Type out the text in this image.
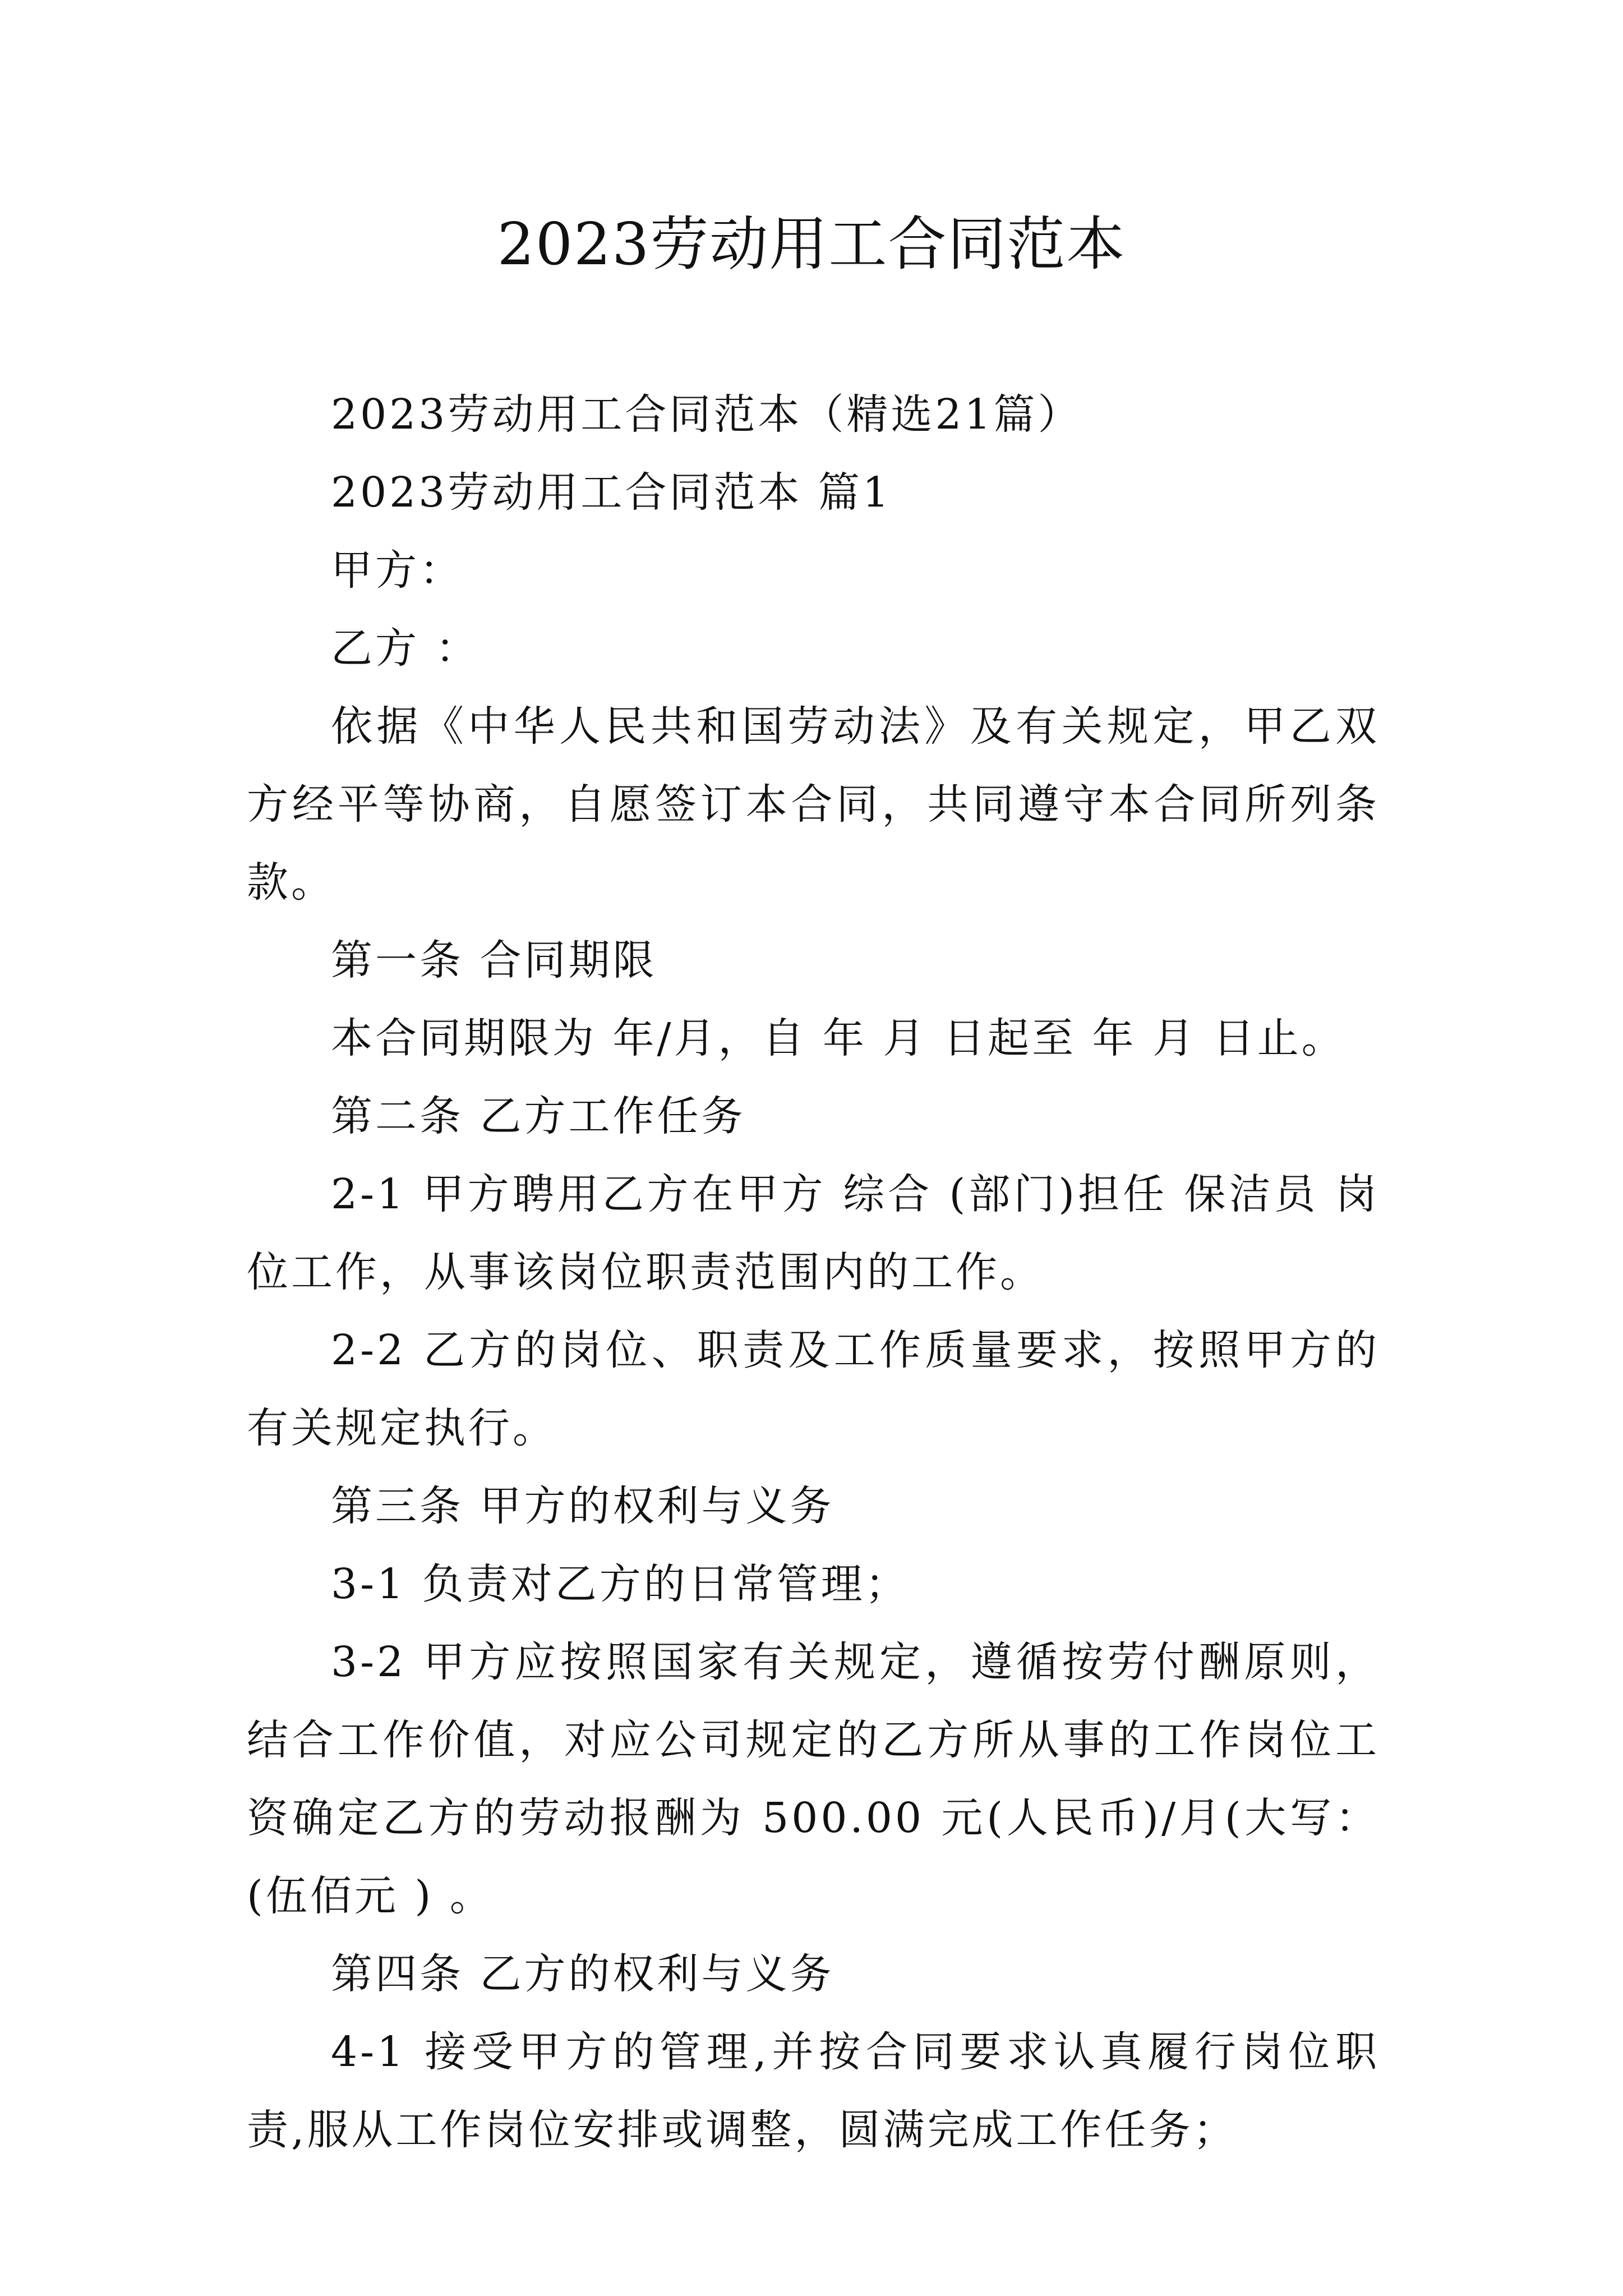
2023劳动用工合同范本

2023劳动用工合同范本（精选21篇）

2023劳动用工合同范本 篇1

甲方：

乙方 ：

依据《中华人民共和国劳动法》及有关规定，甲乙双方经平等协商，自愿签订本合同，共同遵守本合同所列条款。

第一条 合同期限

本合同期限为 年/月，自 年 月 日起至 年 月 日止。

第二条 乙方工作任务

2-1 甲方聘用乙方在甲方 综合 (部门)担任 保洁员 岗位工作，从事该岗位职责范围内的工作。

2-2 乙方的岗位、职责及工作质量要求，按照甲方的有关规定执行。

第三条 甲方的权利与义务

3-1 负责对乙方的日常管理；

3-2 甲方应按照国家有关规定，遵循按劳付酬原则，结合工作价值，对应公司规定的乙方所从事的工作岗位工资确定乙方的劳动报酬为 500.00 元(人民币)/月(大写：(伍佰元 ) 。

第四条 乙方的权利与义务

4-1 接受甲方的管理,并按合同要求认真履行岗位职责,服从工作岗位安排或调整，圆满完成工作任务；
